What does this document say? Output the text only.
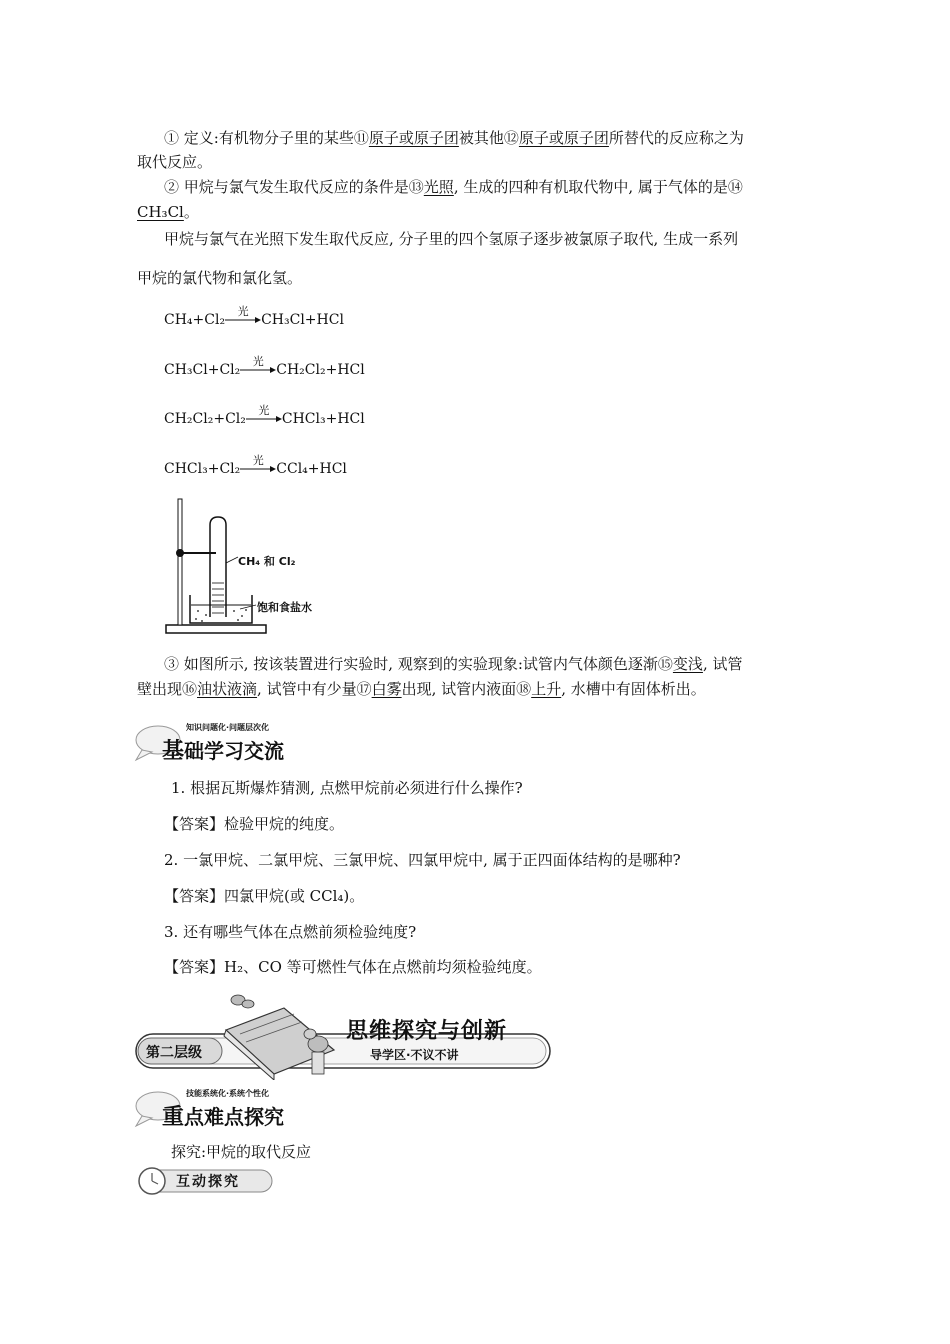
① 定义:有机物分子里的某些⑪原子或原子团被其他⑫原子或原子团所替代的反应称之为
取代反应。
② 甲烷与氯气发生取代反应的条件是⑬光照, 生成的四种有机取代物中, 属于气体的是⑭
CH₃Cl。
甲烷与氯气在光照下发生取代反应, 分子里的四个氢原子逐步被氯原子取代, 生成一系列
甲烷的氯代物和氯化氢。
CH₄+Cl₂
光
CH₃Cl+HCl
CH₃Cl+Cl₂
光
CH₂Cl₂+HCl
CH₂Cl₂+Cl₂
光
CHCl₃+HCl
CHCl₃+Cl₂
光
CCl₄+HCl
CH₄ 和 Cl₂
饱和食盐水
③ 如图所示, 按该装置进行实验时, 观察到的实验现象:试管内气体颜色逐渐⑮变浅, 试管
壁出现⑯油状液滴, 试管中有少量⑰白雾出现, 试管内液面⑱上升, 水槽中有固体析出。
知识问题化·问题层次化
基础学习交流
1. 根据瓦斯爆炸猜测, 点燃甲烷前必须进行什么操作?
【答案】检验甲烷的纯度。
2. 一氯甲烷、二氯甲烷、三氯甲烷、四氯甲烷中, 属于正四面体结构的是哪种?
【答案】四氯甲烷(或 CCl₄)。
3. 还有哪些气体在点燃前须检验纯度?
【答案】H₂、CO 等可燃性气体在点燃前均须检验纯度。
第二层级
思维探究与创新
导学区·不议不讲
技能系统化·系统个性化
重点难点探究
探究:甲烷的取代反应
互动探究
